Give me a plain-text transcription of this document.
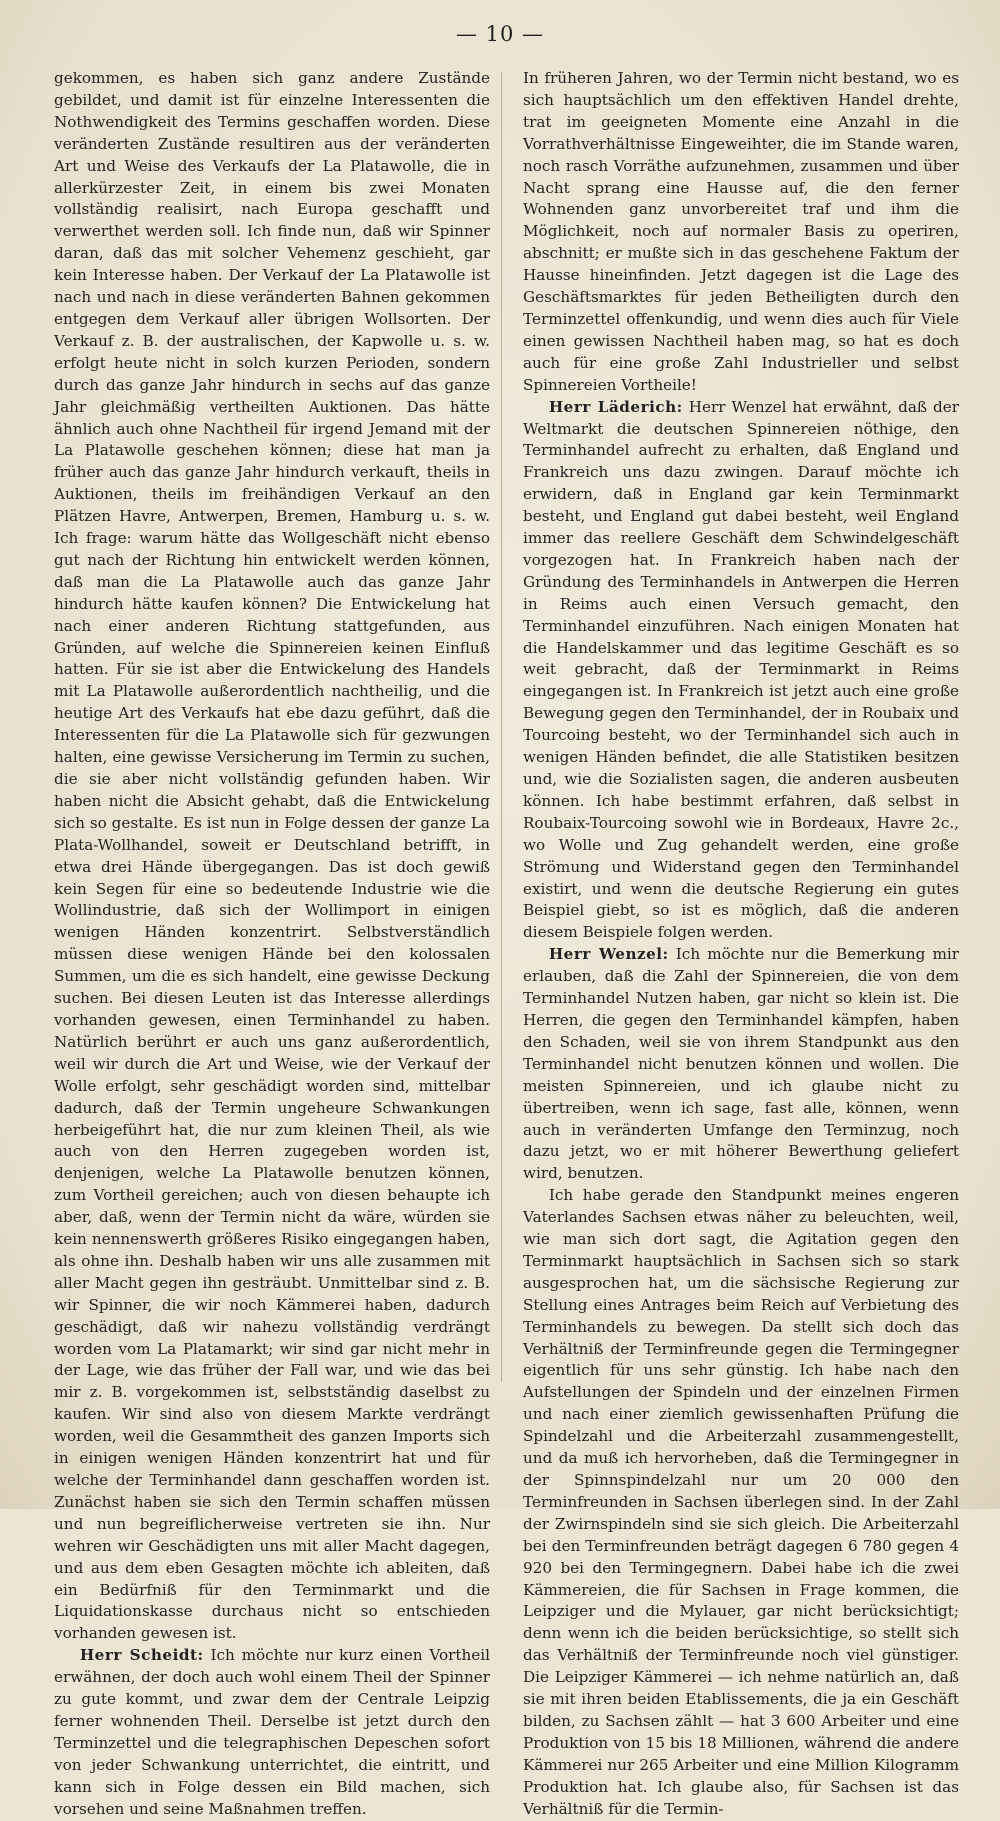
— 10 —

gekommen, es haben sich ganz andere Zustände gebildet, und damit ist für einzelne Interessenten die Nothwendigkeit des Termins geschaffen worden. Diese veränderten Zustände resultiren aus der veränderten Art und Weise des Verkaufs der La Platawolle, die in allerkürzester Zeit, in einem bis zwei Monaten vollständig realisirt, nach Europa geschafft und verwerthet werden soll. Ich finde nun, daß wir Spinner daran, daß das mit solcher Vehemenz geschieht, gar kein Interesse haben. Der Verkauf der La Platawolle ist nach und nach in diese veränderten Bahnen gekommen entgegen dem Verkauf aller übrigen Wollsorten. Der Verkauf z. B. der australischen, der Kapwolle u. s. w. erfolgt heute nicht in solch kurzen Perioden, sondern durch das ganze Jahr hindurch in sechs auf das ganze Jahr gleichmäßig vertheilten Auktionen. Das hätte ähnlich auch ohne Nachtheil für irgend Jemand mit der La Platawolle geschehen können; diese hat man ja früher auch das ganze Jahr hindurch verkauft, theils in Auktionen, theils im freihändigen Verkauf an den Plätzen Havre, Antwerpen, Bremen, Hamburg u. s. w. Ich frage: warum hätte das Wollgeschäft nicht ebenso gut nach der Richtung hin entwickelt werden können, daß man die La Platawolle auch das ganze Jahr hindurch hätte kaufen können? Die Entwickelung hat nach einer anderen Richtung stattgefunden, aus Gründen, auf welche die Spinnereien keinen Einfluß hatten. Für sie ist aber die Entwickelung des Handels mit La Platawolle außerordentlich nachtheilig, und die heutige Art des Verkaufs hat ebe dazu geführt, daß die Interessenten für die La Platawolle sich für gezwungen halten, eine gewisse Versicherung im Termin zu suchen, die sie aber nicht vollständig gefunden haben. Wir haben nicht die Absicht gehabt, daß die Entwickelung sich so gestalte. Es ist nun in Folge dessen der ganze La Plata-Wollhandel, soweit er Deutschland betrifft, in etwa drei Hände übergegangen. Das ist doch gewiß kein Segen für eine so bedeutende Industrie wie die Wollindustrie, daß sich der Wollimport in einigen wenigen Händen konzentrirt. Selbstverständlich müssen diese wenigen Hände bei den kolossalen Summen, um die es sich handelt, eine gewisse Deckung suchen. Bei diesen Leuten ist das Interesse allerdings vorhanden gewesen, einen Terminhandel zu haben. Natürlich berührt er auch uns ganz außerordentlich, weil wir durch die Art und Weise, wie der Verkauf der Wolle erfolgt, sehr geschädigt worden sind, mittelbar dadurch, daß der Termin ungeheure Schwankungen herbeigeführt hat, die nur zum kleinen Theil, als wie auch von den Herren zugegeben worden ist, denjenigen, welche La Platawolle benutzen können, zum Vortheil gereichen; auch von diesen behaupte ich aber, daß, wenn der Termin nicht da wäre, würden sie kein nennenswerth größeres Risiko eingegangen haben, als ohne ihn. Deshalb haben wir uns alle zusammen mit aller Macht gegen ihn gesträubt. Unmittelbar sind z. B. wir Spinner, die wir noch Kämmerei haben, dadurch geschädigt, daß wir nahezu vollständig verdrängt worden vom La Platamarkt; wir sind gar nicht mehr in der Lage, wie das früher der Fall war, und wie das bei mir z. B. vorgekommen ist, selbstständig daselbst zu kaufen. Wir sind also von diesem Markte verdrängt worden, weil die Gesammtheit des ganzen Imports sich in einigen wenigen Händen konzentrirt hat und für welche der Terminhandel dann geschaffen worden ist. Zunächst haben sie sich den Termin schaffen müssen und nun begreiflicherweise vertreten sie ihn. Nur wehren wir Geschädigten uns mit aller Macht dagegen, und aus dem eben Gesagten möchte ich ableiten, daß ein Bedürfniß für den Terminmarkt und die Liquidationskasse durchaus nicht so entschieden vorhanden gewesen ist.

Herr Scheidt: Ich möchte nur kurz einen Vortheil erwähnen, der doch auch wohl einem Theil der Spinner zu gute kommt, und zwar dem der Centrale Leipzig ferner wohnenden Theil. Derselbe ist jetzt durch den Terminzettel und die telegraphischen Depeschen sofort von jeder Schwankung unterrichtet, die eintritt, und kann sich in Folge dessen ein Bild machen, sich vorsehen und seine Maßnahmen treffen.

In früheren Jahren, wo der Termin nicht bestand, wo es sich hauptsächlich um den effektiven Handel drehte, trat im geeigneten Momente eine Anzahl in die Vorrathverhältnisse Eingeweihter, die im Stande waren, noch rasch Vorräthe aufzunehmen, zusammen und über Nacht sprang eine Hausse auf, die den ferner Wohnenden ganz unvorbereitet traf und ihm die Möglichkeit, noch auf normaler Basis zu operiren, abschnitt; er mußte sich in das geschehene Faktum der Hausse hineinfinden. Jetzt dagegen ist die Lage des Geschäftsmarktes für jeden Betheiligten durch den Terminzettel offenkundig, und wenn dies auch für Viele einen gewissen Nachtheil haben mag, so hat es doch auch für eine große Zahl Industrieller und selbst Spinnereien Vortheile!

Herr Läderich: Herr Wenzel hat erwähnt, daß der Weltmarkt die deutschen Spinnereien nöthige, den Terminhandel aufrecht zu erhalten, daß England und Frankreich uns dazu zwingen. Darauf möchte ich erwidern, daß in England gar kein Terminmarkt besteht, und England gut dabei besteht, weil England immer das reellere Geschäft dem Schwindelgeschäft vorgezogen hat. In Frankreich haben nach der Gründung des Terminhandels in Antwerpen die Herren in Reims auch einen Versuch gemacht, den Terminhandel einzuführen. Nach einigen Monaten hat die Handelskammer und das legitime Geschäft es so weit gebracht, daß der Terminmarkt in Reims eingegangen ist. In Frankreich ist jetzt auch eine große Bewegung gegen den Terminhandel, der in Roubaix und Tourcoing besteht, wo der Terminhandel sich auch in wenigen Händen befindet, die alle Statistiken besitzen und, wie die Sozialisten sagen, die anderen ausbeuten können. Ich habe bestimmt erfahren, daß selbst in Roubaix-Tourcoing sowohl wie in Bordeaux, Havre 2c., wo Wolle und Zug gehandelt werden, eine große Strömung und Widerstand gegen den Terminhandel existirt, und wenn die deutsche Regierung ein gutes Beispiel giebt, so ist es möglich, daß die anderen diesem Beispiele folgen werden.

Herr Wenzel: Ich möchte nur die Bemerkung mir erlauben, daß die Zahl der Spinnereien, die von dem Terminhandel Nutzen haben, gar nicht so klein ist. Die Herren, die gegen den Terminhandel kämpfen, haben den Schaden, weil sie von ihrem Standpunkt aus den Terminhandel nicht benutzen können und wollen. Die meisten Spinnereien, und ich glaube nicht zu übertreiben, wenn ich sage, fast alle, können, wenn auch in veränderten Umfange den Terminzug, noch dazu jetzt, wo er mit höherer Bewerthung geliefert wird, benutzen.

Ich habe gerade den Standpunkt meines engeren Vaterlandes Sachsen etwas näher zu beleuchten, weil, wie man sich dort sagt, die Agitation gegen den Terminmarkt hauptsächlich in Sachsen sich so stark ausgesprochen hat, um die sächsische Regierung zur Stellung eines Antrages beim Reich auf Verbietung des Terminhandels zu bewegen. Da stellt sich doch das Verhältniß der Terminfreunde gegen die Termingegner eigentlich für uns sehr günstig. Ich habe nach den Aufstellungen der Spindeln und der einzelnen Firmen und nach einer ziemlich gewissenhaften Prüfung die Spindelzahl und die Arbeiterzahl zusammengestellt, und da muß ich hervorheben, daß die Termingegner in der Spinnspindelzahl nur um 20 000 den Terminfreunden in Sachsen überlegen sind. In der Zahl der Zwirnspindeln sind sie sich gleich. Die Arbeiterzahl bei den Terminfreunden beträgt dagegen 6 780 gegen 4 920 bei den Termingegnern. Dabei habe ich die zwei Kämmereien, die für Sachsen in Frage kommen, die Leipziger und die Mylauer, gar nicht berücksichtigt; denn wenn ich die beiden berücksichtige, so stellt sich das Verhältniß der Terminfreunde noch viel günstiger. Die Leipziger Kämmerei — ich nehme natürlich an, daß sie mit ihren beiden Etablissements, die ja ein Geschäft bilden, zu Sachsen zählt — hat 3 600 Arbeiter und eine Produktion von 15 bis 18 Millionen, während die andere Kämmerei nur 265 Arbeiter und eine Million Kilogramm Produktion hat. Ich glaube also, für Sachsen ist das Verhältniß für die Termin-
